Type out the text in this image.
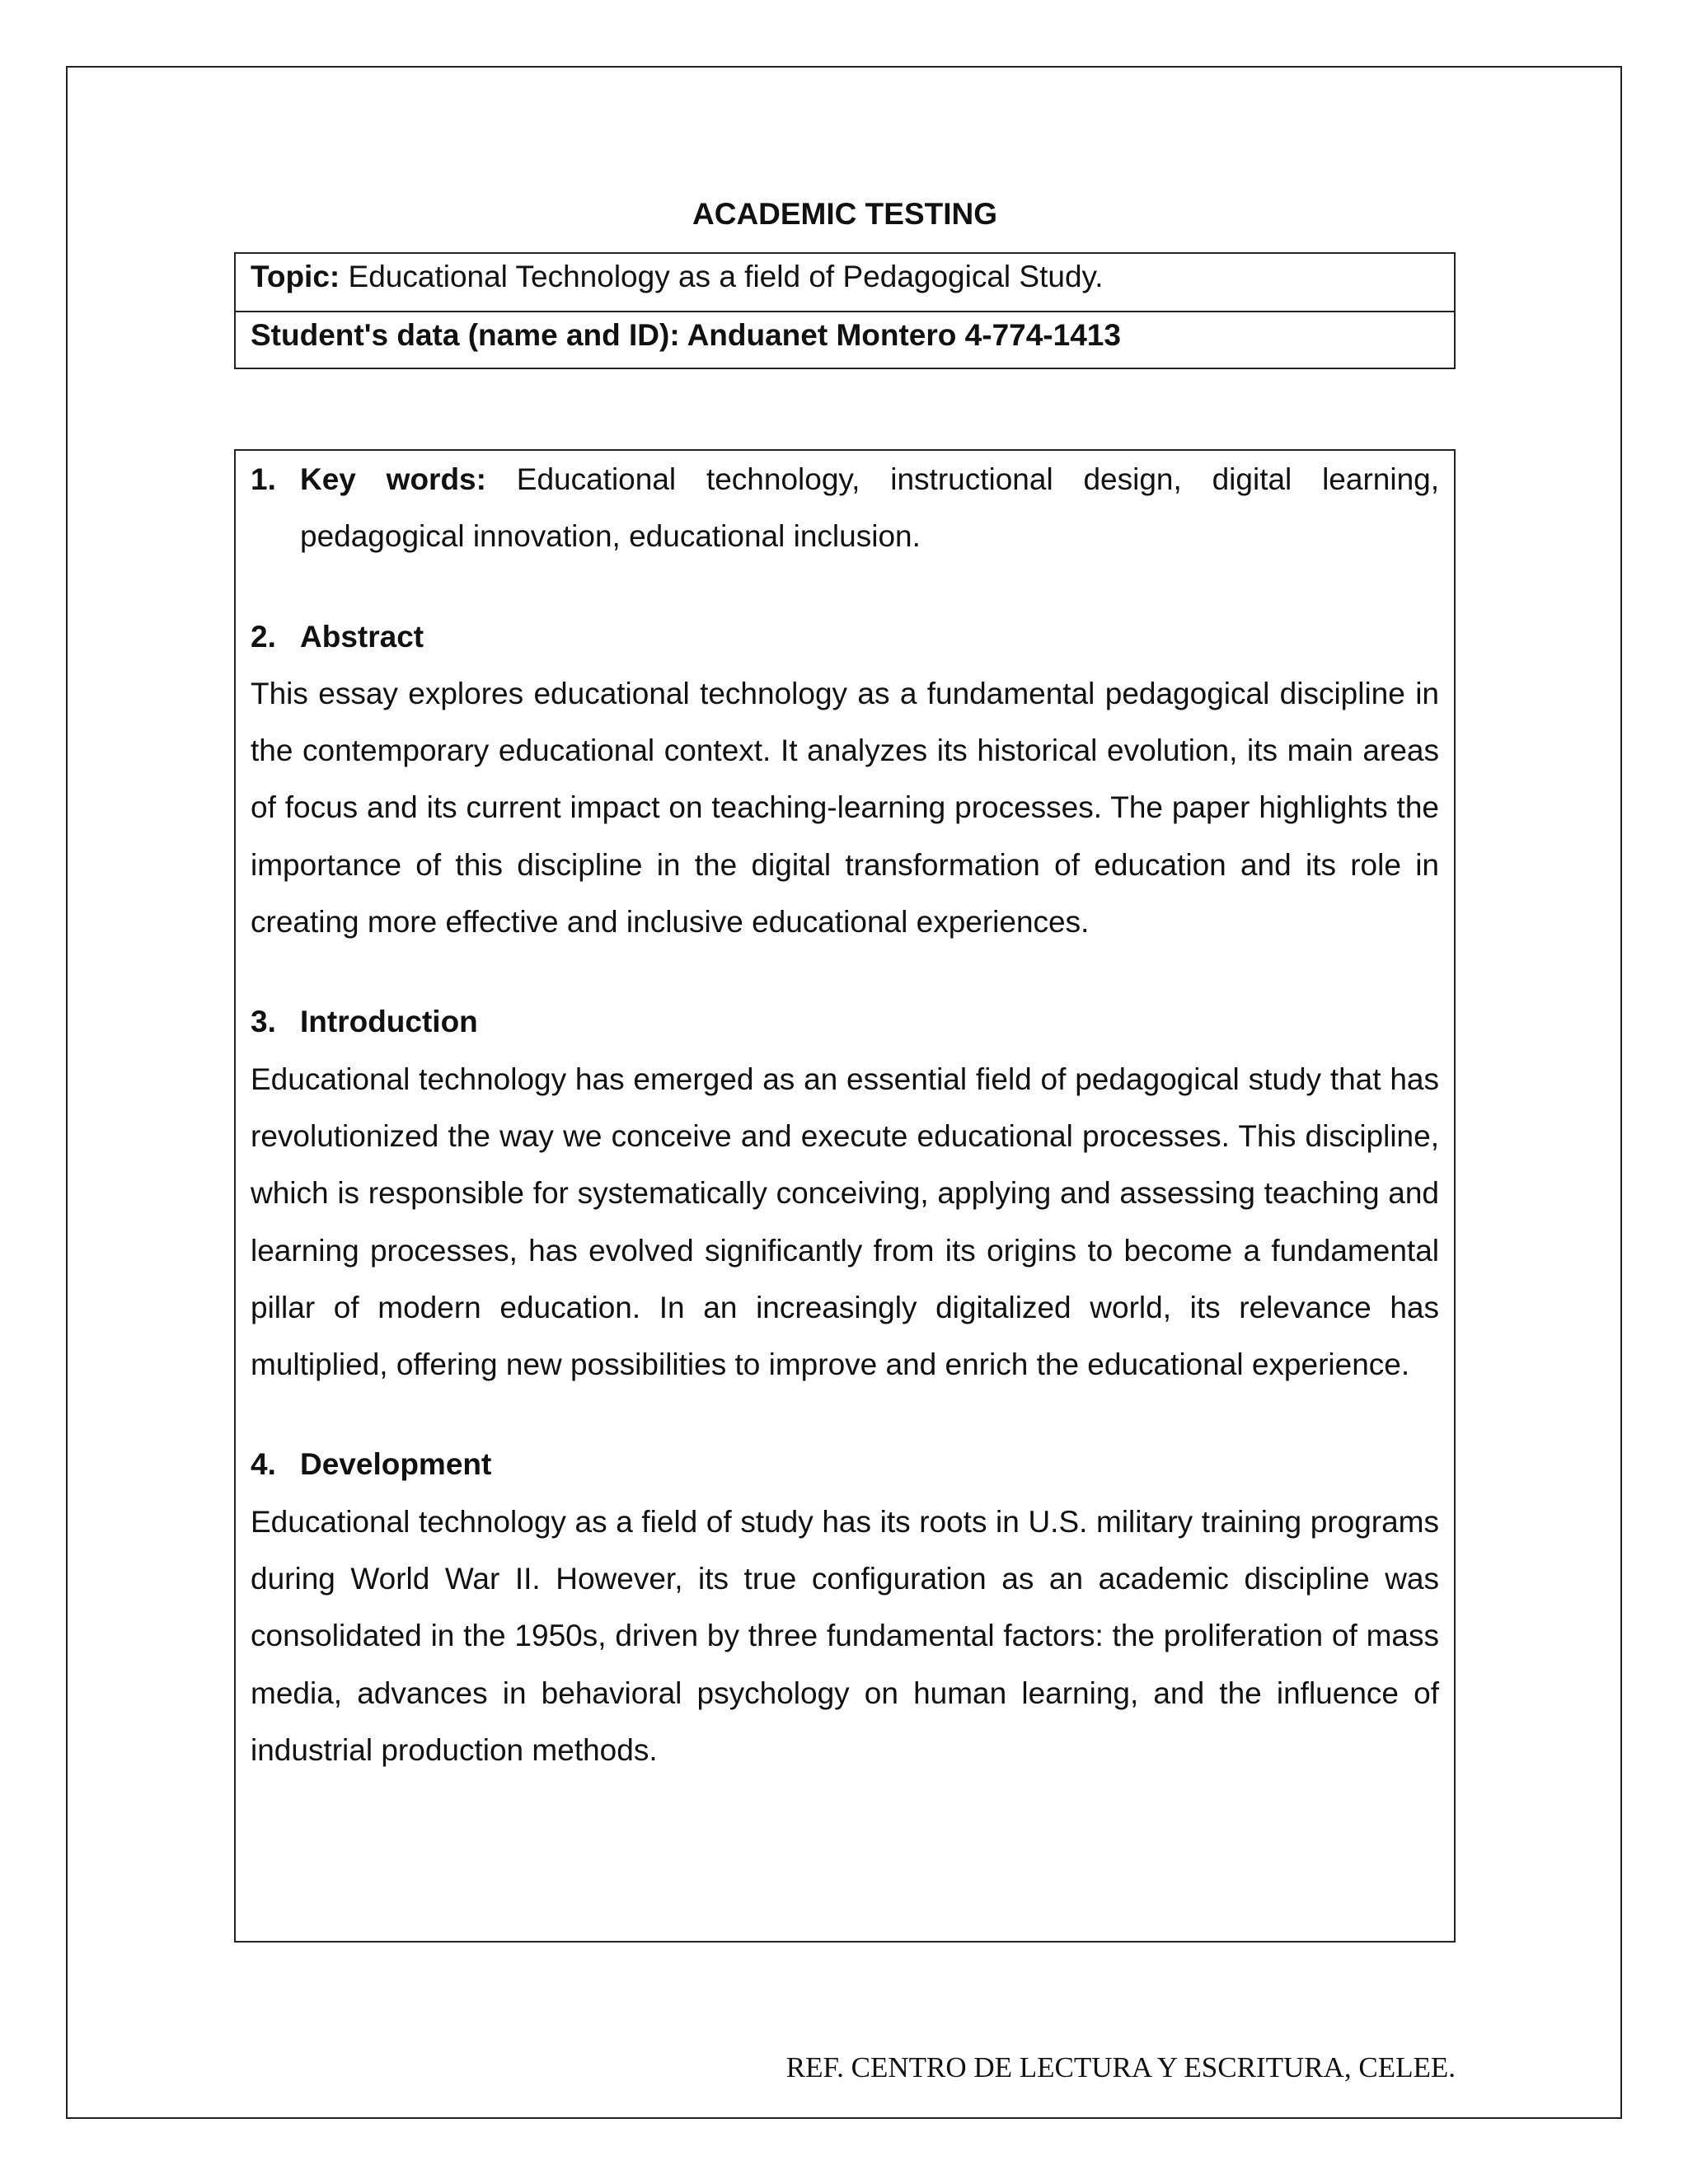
ACADEMIC TESTING
Topic: Educational Technology as a field of Pedagogical Study.
Student's data (name and ID): Anduanet Montero 4-774-1413
1. Key words: Educational technology, instructional design, digital learning, pedagogical innovation, educational inclusion.
2. Abstract

This essay explores educational technology as a fundamental pedagogical discipline in the contemporary educational context. It analyzes its historical evolution, its main areas of focus and its current impact on teaching-learning processes. The paper highlights the importance of this discipline in the digital transformation of education and its role in creating more effective and inclusive educational experiences.

3. Introduction

Educational technology has emerged as an essential field of pedagogical study that has revolutionized the way we conceive and execute educational processes. This discipline, which is responsible for systematically conceiving, applying and assessing teaching and learning processes, has evolved significantly from its origins to become a fundamental pillar of modern education. In an increasingly digitalized world, its relevance has multiplied, offering new possibilities to improve and enrich the educational experience.

4. Development

Educational technology as a field of study has its roots in U.S. military training programs during World War II. However, its true configuration as an academic discipline was consolidated in the 1950s, driven by three fundamental factors: the proliferation of mass media, advances in behavioral psychology on human learning, and the influence of industrial production methods.

REF. CENTRO DE LECTURA Y ESCRITURA, CELEE.
